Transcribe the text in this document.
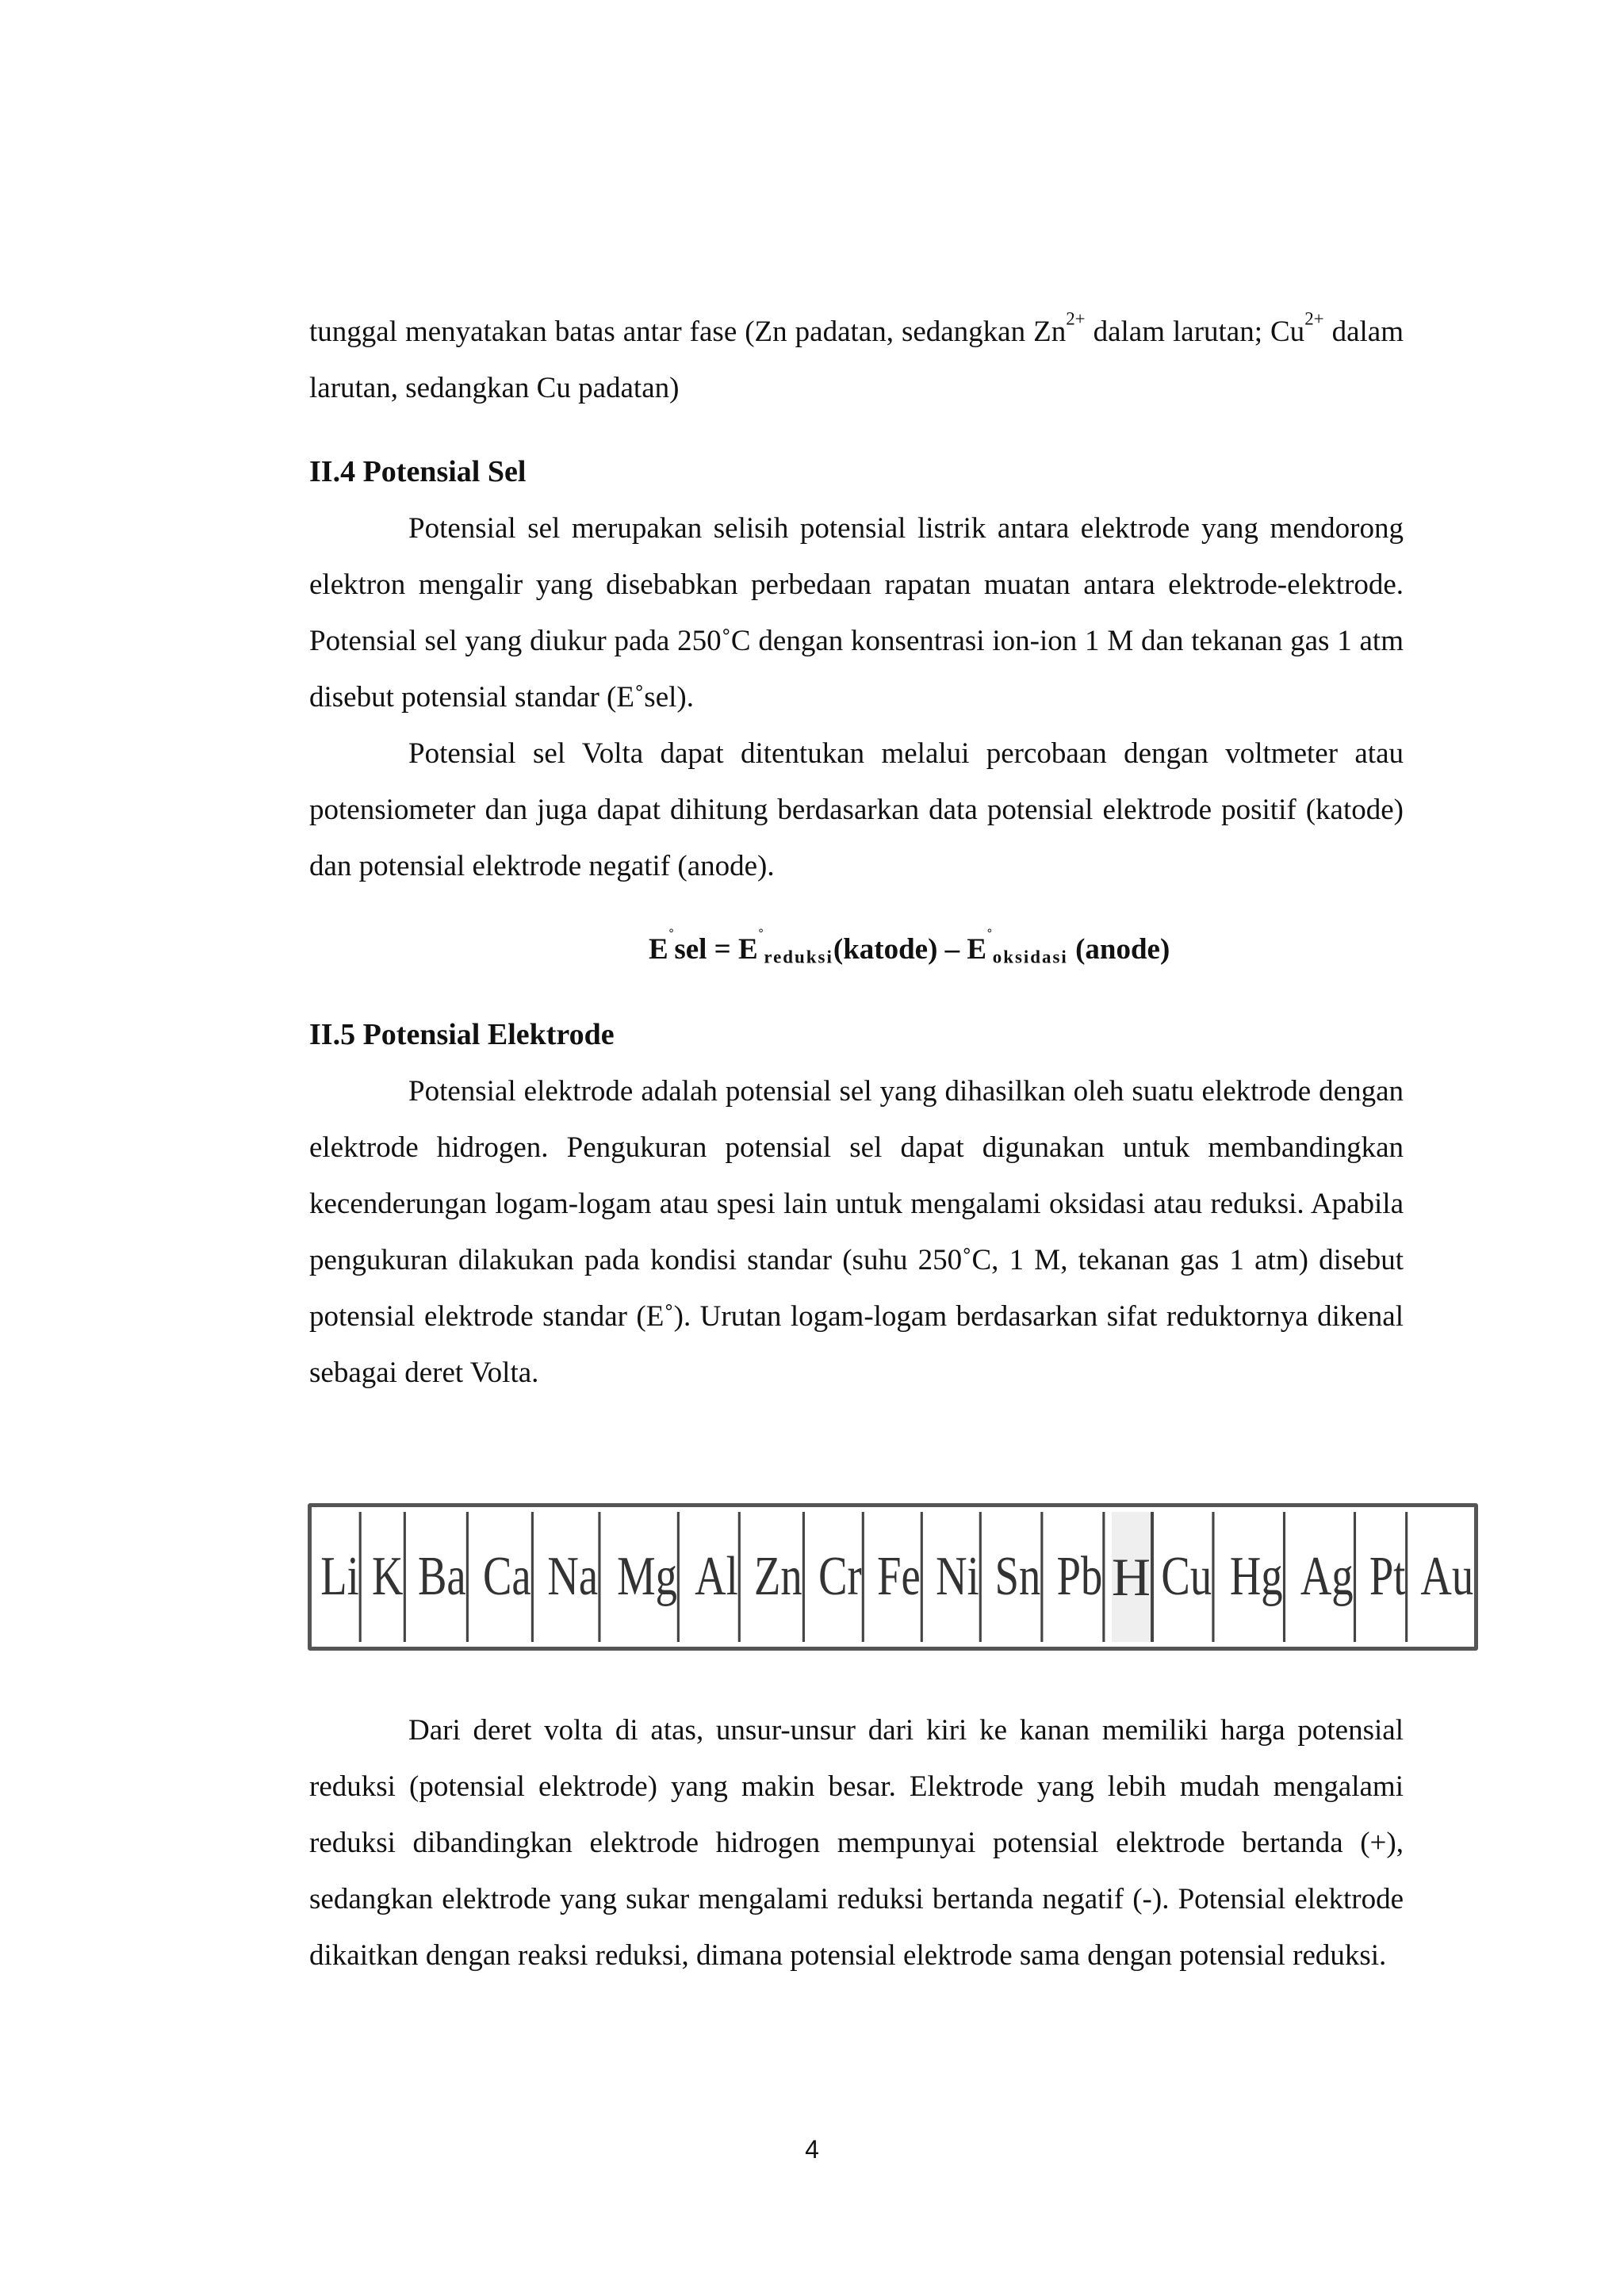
tunggal menyatakan batas antar fase (Zn padatan, sedangkan $Zn^{2+}$ dalam larutan; $Cu^{2+}$ dalam larutan, sedangkan Cu padatan)

II.4 Potensial Sel

Potensial sel merupakan selisih potensial listrik antara elektrode yang mendorong elektron mengalir yang disebabkan perbedaan rapatan muatan antara elektrode-elektrode. Potensial sel yang diukur pada 250˚C dengan konsentrasi ion-ion 1 M dan tekanan gas 1 atm disebut potensial standar (E˚sel).

Potensial sel Volta dapat ditentukan melalui percobaan dengan voltmeter atau potensiometer dan juga dapat dihitung berdasarkan data potensial elektrode positif (katode) dan potensial elektrode negatif (anode).

$E^˚sel = E^˚_{reduksi}(katode) - E^˚_{oksidasi}$ (anode)

II.5 Potensial Elektrode

Potensial elektrode adalah potensial sel yang dihasilkan oleh suatu elektrode dengan elektrode hidrogen. Pengukuran potensial sel dapat digunakan untuk membandingkan kecenderungan logam-logam atau spesi lain untuk mengalami oksidasi atau reduksi. Apabila pengukuran dilakukan pada kondisi standar (suhu 250˚C, 1 M, tekanan gas 1 atm) disebut potensial elektrode standar (E˚). Urutan logam-logam berdasarkan sifat reduktornya dikenal sebagai deret Volta.

Li K Ba Ca Na Mg Al Zn Cr Fe Ni Sn Pb H Cu Hg Ag Pt Au

Dari deret volta di atas, unsur-unsur dari kiri ke kanan memiliki harga potensial reduksi (potensial elektrode) yang makin besar. Elektrode yang lebih mudah mengalami reduksi dibandingkan elektrode hidrogen mempunyai potensial elektrode bertanda (+), sedangkan elektrode yang sukar mengalami reduksi bertanda negatif (-). Potensial elektrode dikaitkan dengan reaksi reduksi, dimana potensial elektrode sama dengan potensial reduksi.

4
